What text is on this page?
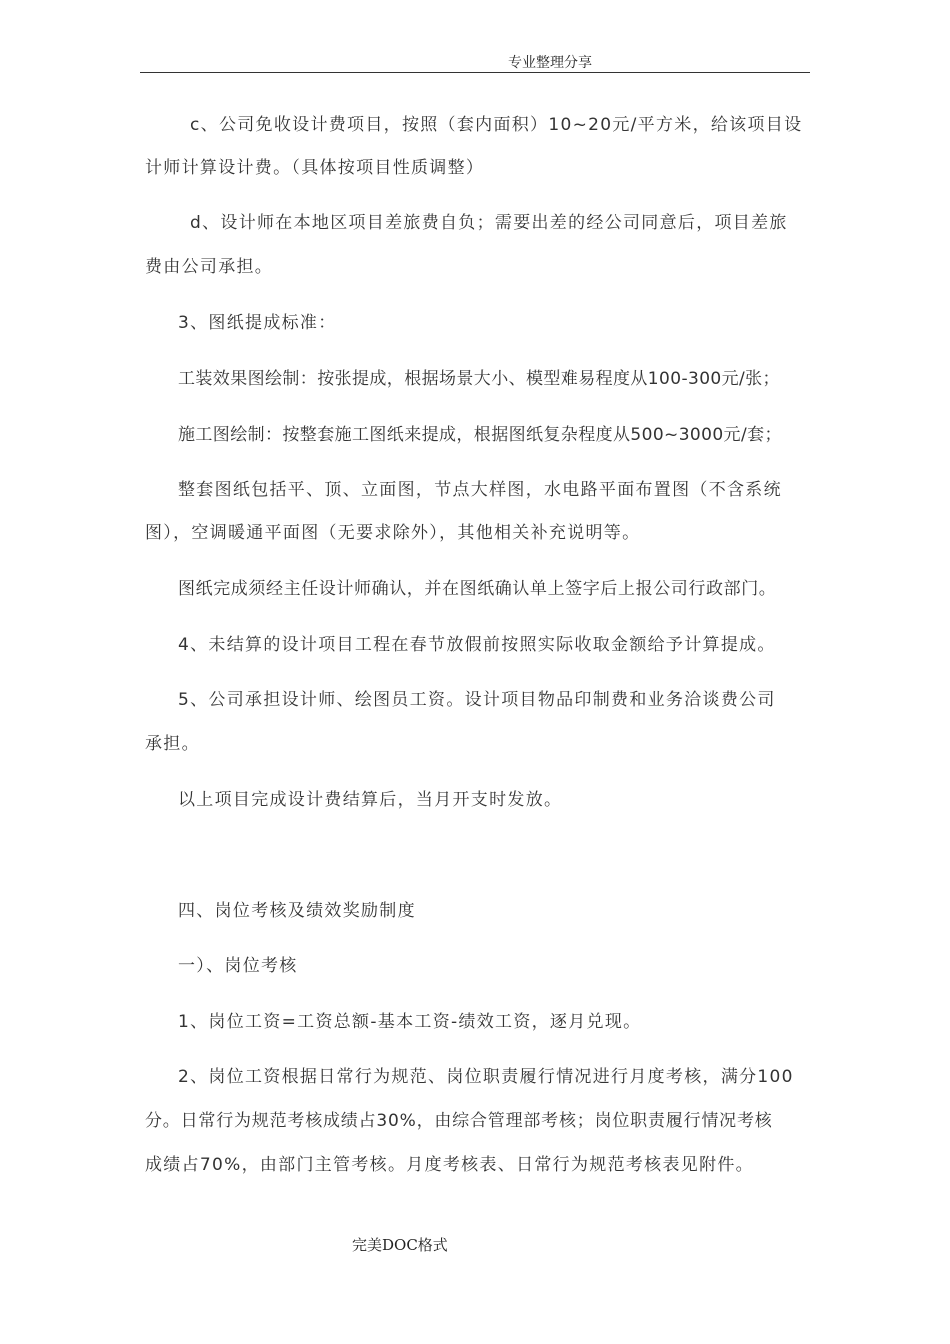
专业整理分享
c、公司免收设计费项目，按照（套内面积）10~20元/平方米，给该项目设
计师计算设计费。（具体按项目性质调整）
d、设计师在本地区项目差旅费自负；需要出差的经公司同意后，项目差旅
费由公司承担。
3、图纸提成标准：
工装效果图绘制：按张提成，根据场景大小、模型难易程度从100-300元/张；
施工图绘制：按整套施工图纸来提成，根据图纸复杂程度从500~3000元/套；
整套图纸包括平、顶、立面图，节点大样图，水电路平面布置图（不含系统
图），空调暖通平面图（无要求除外），其他相关补充说明等。
图纸完成须经主任设计师确认，并在图纸确认单上签字后上报公司行政部门。
4、未结算的设计项目工程在春节放假前按照实际收取金额给予计算提成。
5、公司承担设计师、绘图员工资。设计项目物品印制费和业务洽谈费公司
承担。
以上项目完成设计费结算后，当月开支时发放。
四、岗位考核及绩效奖励制度
一）、岗位考核
1、岗位工资=工资总额-基本工资-绩效工资，逐月兑现。
2、岗位工资根据日常行为规范、岗位职责履行情况进行月度考核，满分100
分。日常行为规范考核成绩占30%，由综合管理部考核；岗位职责履行情况考核
成绩占70%，由部门主管考核。月度考核表、日常行为规范考核表见附件。
完美DOC格式
